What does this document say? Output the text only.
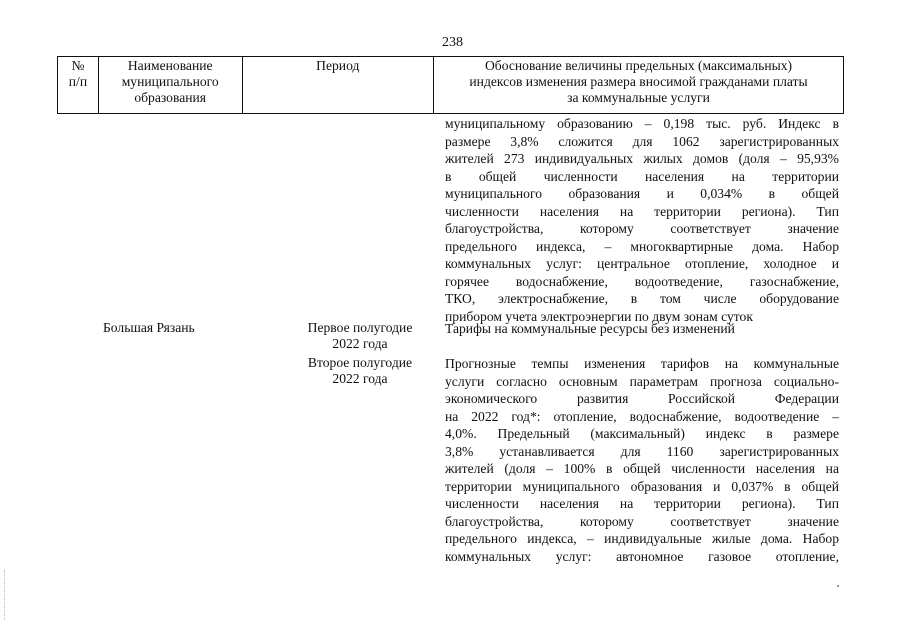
238
№
п/п
Наименование
муниципального
образования
Период	Обоснование величины предельных (максимальных)
индексов изменения размера вносимой гражданами платы
за коммунальные услуги
муниципальному образованию – 0,198 тыс. руб. Индекс в
размере 3,8% сложится для 1062 зарегистрированных
жителей 273 индивидуальных жилых домов (доля – 95,93%
в общей численности населения на территории
муниципального образования и 0,034% в общей
численности населения на территории региона). Тип
благоустройства, которому соответствует значение
предельного индекса, – многоквартирные дома. Набор
коммунальных услуг: центральное отопление, холодное и
горячее водоснабжение, водоотведение, газоснабжение,
ТКО, электроснабжение, в том числе оборудование
прибором учета электроэнергии по двум зонам суток
Большая Рязань	Первое полугодие
2022 года
Тарифы на коммунальные ресурсы без изменений
Второе полугодие
2022 года
Прогнозные темпы изменения тарифов на коммунальные
услуги согласно основным параметрам прогноза социально-
экономического развития Российской Федерации
на 2022 год*: отопление, водоснабжение, водоотведение –
4,0%. Предельный (максимальный) индекс в размере
3,8% устанавливается для 1160 зарегистрированных
жителей (доля – 100% в общей численности населения на
территории муниципального образования и 0,037% в общей
численности населения на территории региона). Тип
благоустройства, которому соответствует значение
предельного индекса, – индивидуальные жилые дома. Набор
коммунальных услуг: автономное газовое отопление,
